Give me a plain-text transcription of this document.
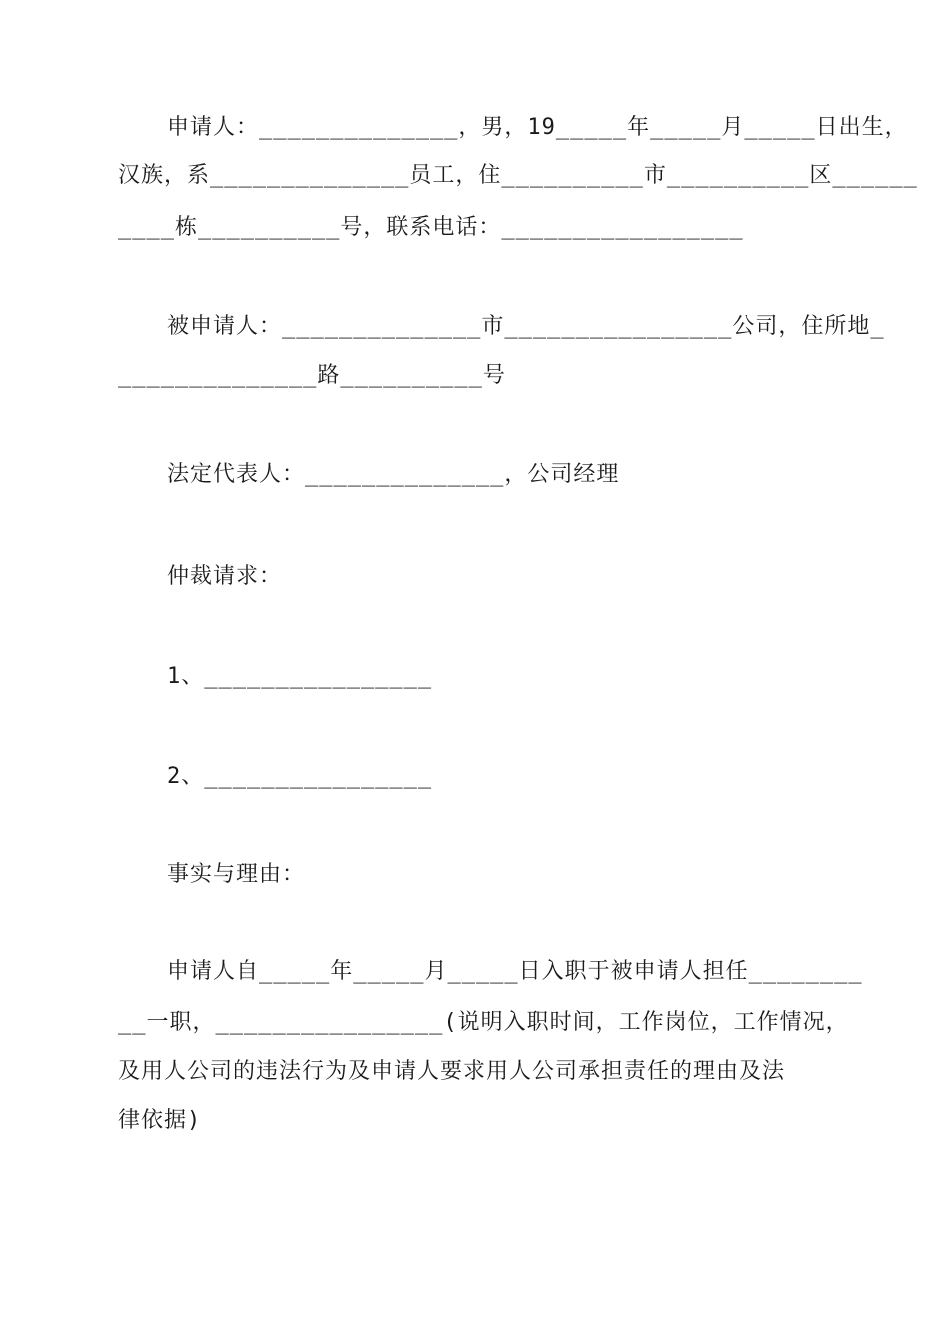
申请人：______________，男，19_____年_____月_____日出生，
汉族，系______________员工，住__________市__________区______
____栋__________号，联系电话：_________________
被申请人：______________市________________公司，住所地_
______________路__________号
法定代表人：______________，公司经理
仲裁请求：
1、________________
2、________________
事实与理由：
申请人自_____年_____月_____日入职于被申请人担任________
__一职，________________(说明入职时间，工作岗位，工作情况，
及用人公司的违法行为及申请人要求用人公司承担责任的理由及法
律依据)
